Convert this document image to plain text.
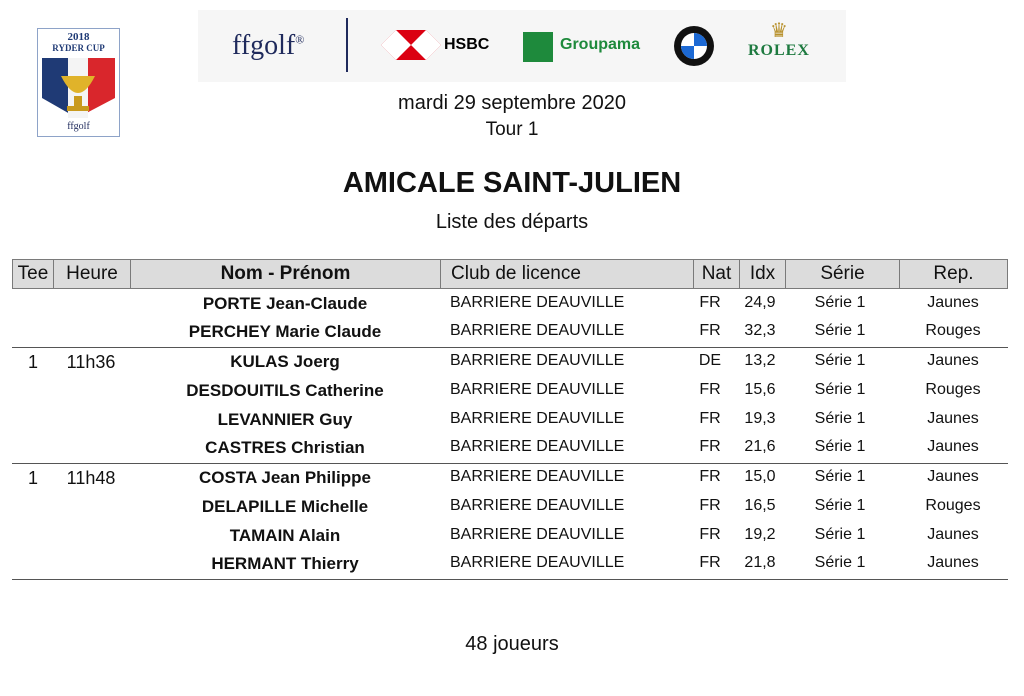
2018
RYDER CUP
ffgolf
ffgolf®	HSBC	Groupama
♛
ROLEX
mardi 29 septembre 2020
Tour 1
AMICALE SAINT-JULIEN
Liste des départs
Tee Heure	Nom - Prénom	Club de licence	Nat Idx	Série	Rep.
PORTE Jean-Claude	BARRIERE DEAUVILLE	FR	24,9	Série 1	Jaunes
PERCHEY Marie Claude	BARRIERE DEAUVILLE	FR	32,3	Série 1	Rouges
1	11h36	KULAS Joerg	BARRIERE DEAUVILLE	DE	13,2	Série 1	Jaunes
DESDOUITILS Catherine	BARRIERE DEAUVILLE	FR	15,6	Série 1	Rouges
LEVANNIER Guy	BARRIERE DEAUVILLE	FR	19,3	Série 1	Jaunes
CASTRES Christian	BARRIERE DEAUVILLE	FR	21,6	Série 1	Jaunes
1	11h48	COSTA Jean Philippe	BARRIERE DEAUVILLE	FR	15,0	Série 1	Jaunes
DELAPILLE Michelle	BARRIERE DEAUVILLE	FR	16,5	Série 1	Rouges
TAMAIN Alain	BARRIERE DEAUVILLE	FR	19,2	Série 1	Jaunes
HERMANT Thierry	BARRIERE DEAUVILLE	FR	21,8	Série 1	Jaunes
48 joueurs
